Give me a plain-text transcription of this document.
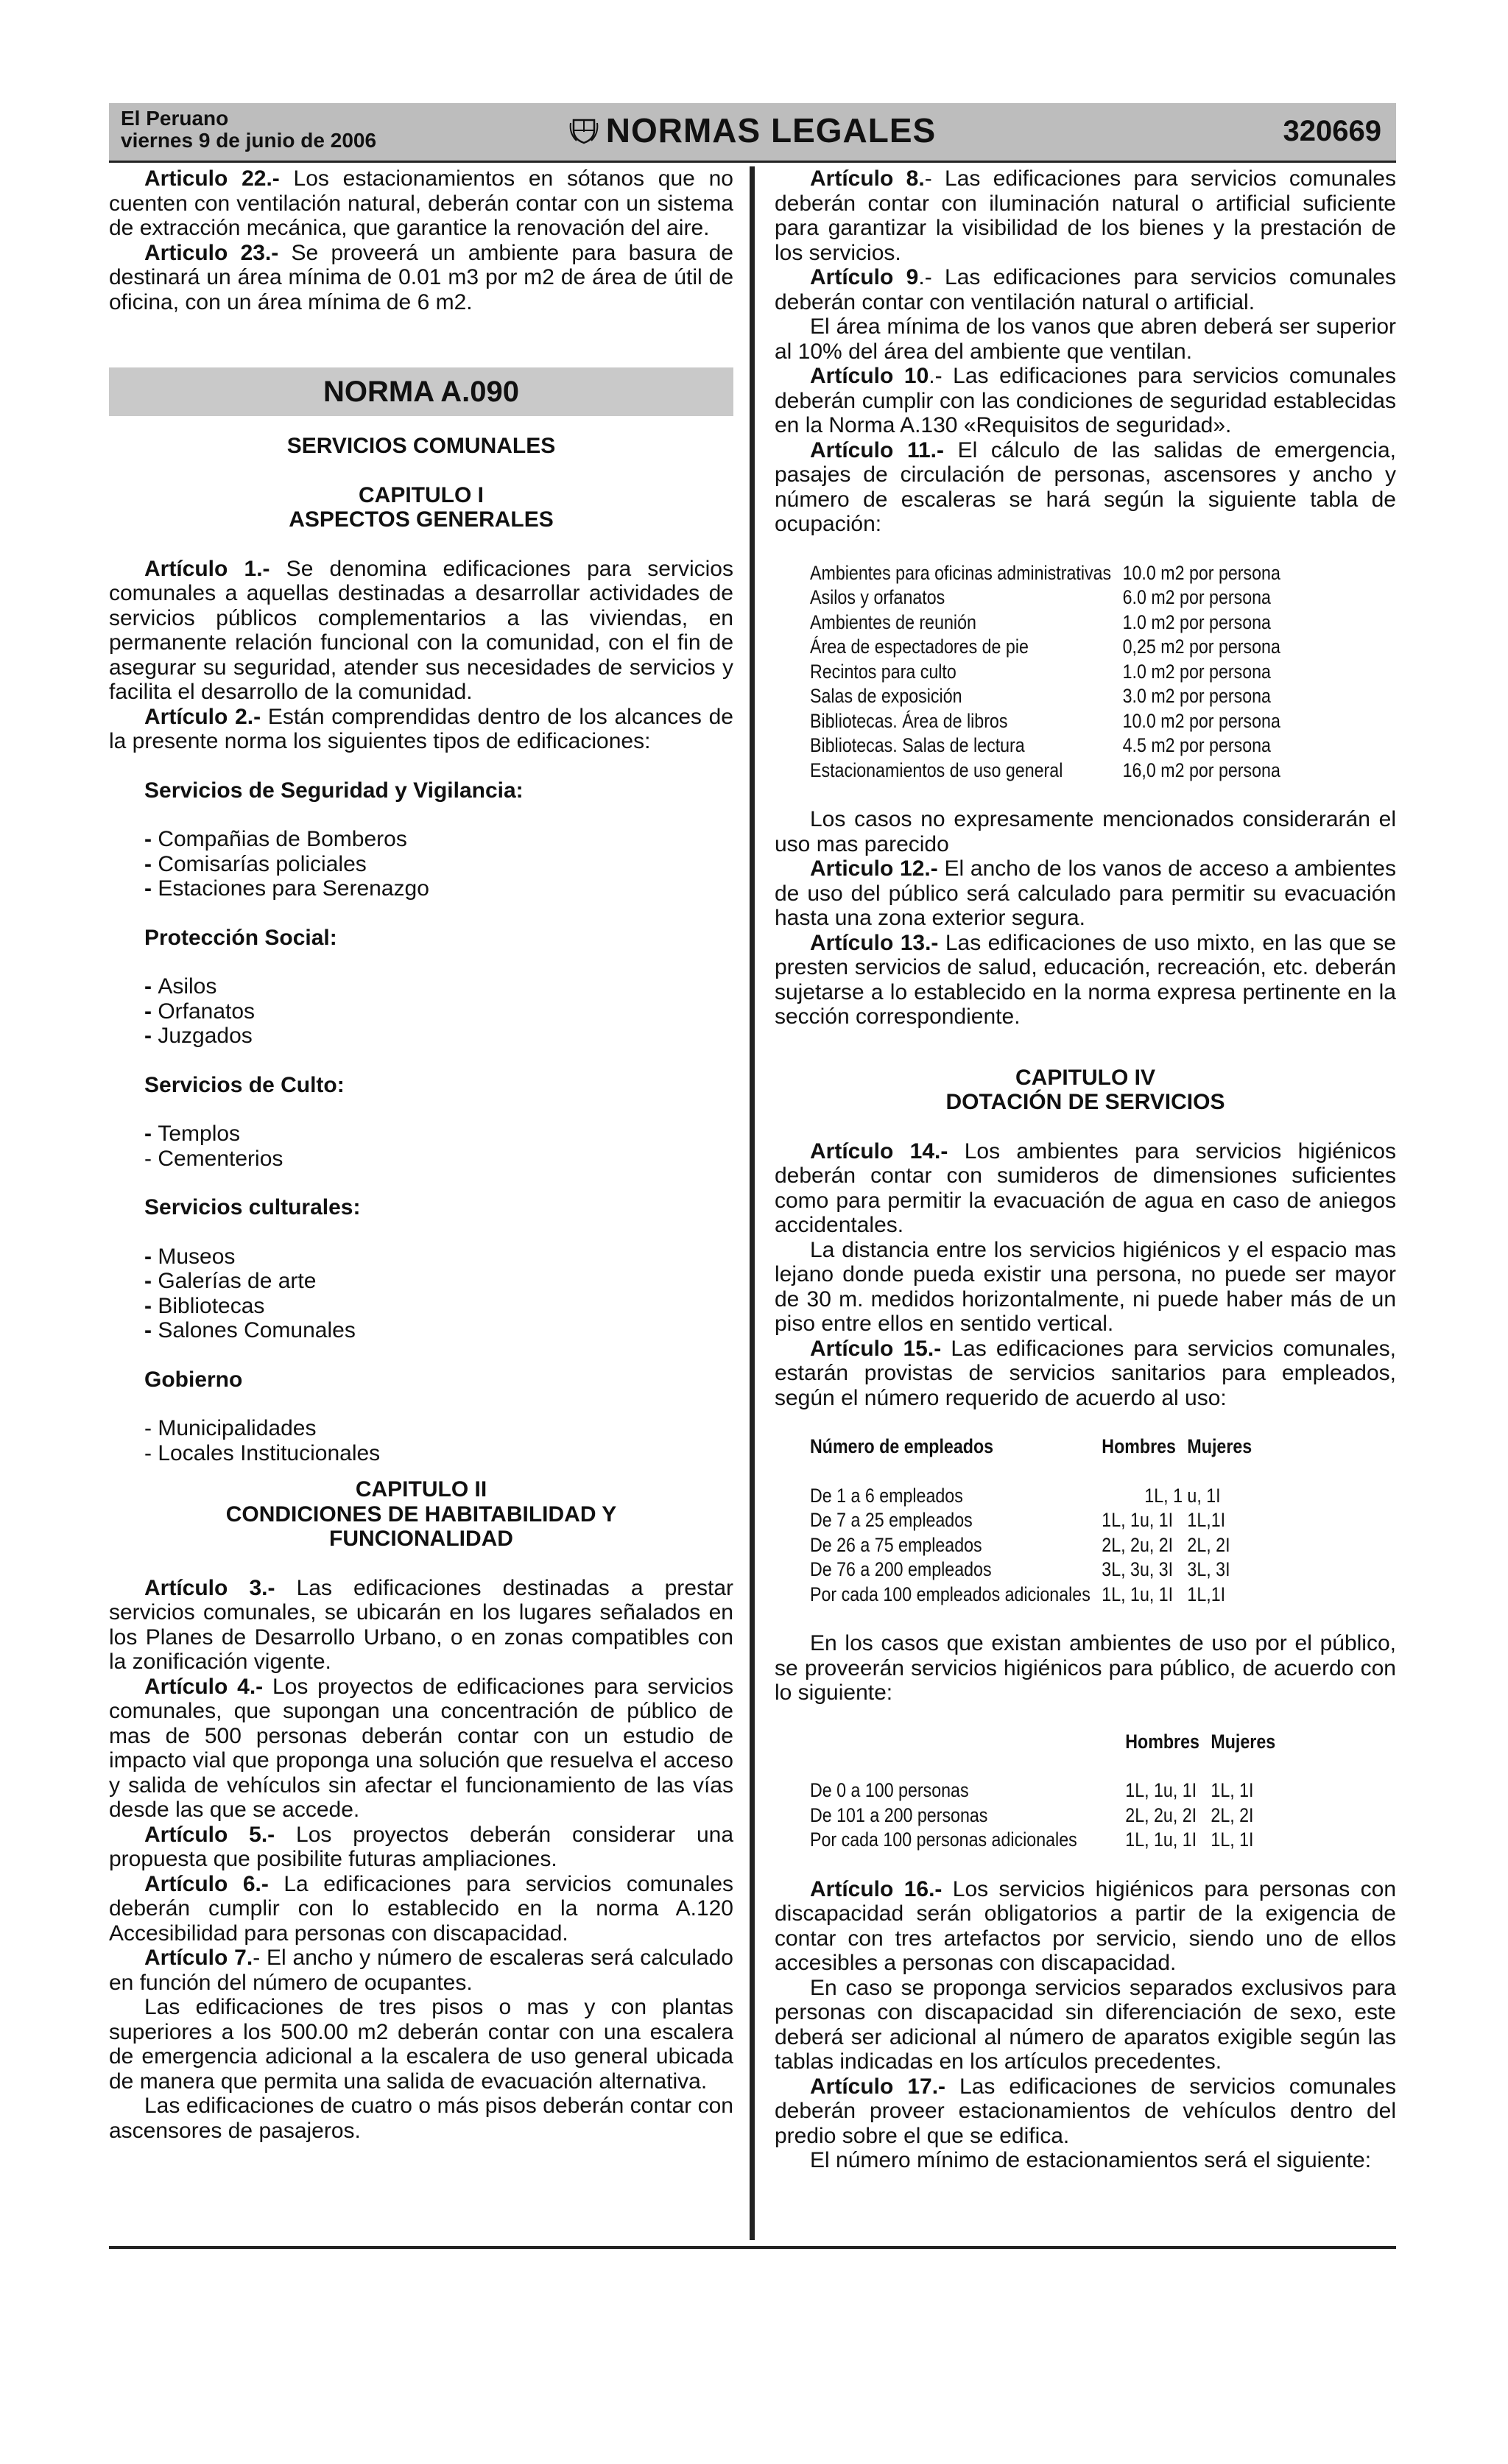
El Peruano
viernes 9 de junio de 2006	NORMAS LEGALES	320669

Articulo 22.- Los estacionamientos en sótanos que no cuenten con ventilación natural, deberán contar con un sistema de extracción mecánica, que garantice la renovación del aire.

Articulo 23.- Se proveerá un ambiente para basura de destinará un área mínima de 0.01 m3 por m2 de área de útil de oficina, con un área mínima de 6 m2.

NORMA A.090

SERVICIOS COMUNALES

CAPITULO I

ASPECTOS GENERALES

Artículo 1.- Se denomina edificaciones para servicios comunales a aquellas destinadas a desarrollar actividades de servicios públicos complementarios a las viviendas, en permanente relación funcional con la comunidad, con el fin de asegurar su seguridad, atender sus necesidades de servicios y facilita el desarrollo de la comunidad.

Artículo 2.- Están comprendidas dentro de los alcances de la presente norma los siguientes tipos de edificaciones:

Servicios de Seguridad y Vigilancia:

- Compañias de Bomberos

- Comisarías policiales

- Estaciones para Serenazgo

Protección Social:

- Asilos

- Orfanatos

- Juzgados

Servicios de Culto:

- Templos

- Cementerios

Servicios culturales:

- Museos

- Galerías de arte

- Bibliotecas

- Salones Comunales

Gobierno

- Municipalidades

- Locales Institucionales

CAPITULO II

CONDICIONES DE HABITABILIDAD Y

FUNCIONALIDAD

Artículo 3.- Las edificaciones destinadas a prestar servicios comunales, se ubicarán en los lugares señalados en los Planes de Desarrollo Urbano, o en zonas compatibles con la zonificación vigente.

Artículo 4.- Los proyectos de edificaciones para servicios comunales, que supongan una concentración de público de mas de 500 personas deberán contar con un estudio de impacto vial que proponga una solución que resuelva el acceso y salida de vehículos sin afectar el funcionamiento de las vías desde las que se accede.

Artículo 5.- Los proyectos deberán considerar una propuesta que posibilite futuras ampliaciones.

Artículo 6.- La edificaciones para servicios comunales deberán cumplir con lo establecido en la norma A.120 Accesibilidad para personas con discapacidad.

Artículo 7.- El ancho y número de escaleras será calculado en función del número de ocupantes.

Las edificaciones de tres pisos o mas y con plantas superiores a los 500.00 m2 deberán contar con una escalera de emergencia adicional a la escalera de uso general ubicada de manera que permita una salida de evacuación alternativa.

Las edificaciones de cuatro o más pisos deberán contar con ascensores de pasajeros.

Artículo 8.- Las edificaciones para servicios comunales deberán contar con iluminación natural o artificial suficiente para garantizar la visibilidad de los bienes y la prestación de los servicios.

Artículo 9.- Las edificaciones para servicios comunales deberán contar con ventilación natural o artificial.

El área mínima de los vanos que abren deberá ser superior al 10% del área del ambiente que ventilan.

Artículo 10.- Las edificaciones para servicios comunales deberán cumplir con las condiciones de seguridad establecidas en la Norma A.130 «Requisitos de seguridad».

Artículo 11.- El cálculo de las salidas de emergencia, pasajes de circulación de personas, ascensores y ancho y número de escaleras se hará según la siguiente tabla de ocupación:

Ambientes para oficinas administrativas	10.0 m2 por persona
Asilos y orfanatos	6.0 m2 por persona
Ambientes de reunión	1.0 m2 por persona
Área de espectadores de pie	0,25 m2 por persona
Recintos para culto	1.0 m2 por persona
Salas de exposición	3.0 m2 por persona
Bibliotecas. Área de libros	10.0 m2 por persona
Bibliotecas. Salas de lectura	4.5 m2 por persona
Estacionamientos de uso general	16,0 m2 por persona

Los casos no expresamente mencionados considerarán el uso mas parecido

Articulo 12.- El ancho de los vanos de acceso a ambientes de uso del público será calculado para permitir su evacuación hasta una zona exterior segura.

Artículo 13.- Las edificaciones de uso mixto, en las que se presten servicios de salud, educación, recreación, etc. deberán sujetarse a lo establecido en la norma expresa pertinente en la sección correspondiente.

CAPITULO IV

DOTACIÓN DE SERVICIOS

Artículo 14.- Los ambientes para servicios higiénicos deberán contar con sumideros de dimensiones suficientes como para permitir la evacuación de agua en caso de aniegos accidentales.

La distancia entre los servicios higiénicos y el espacio mas lejano donde pueda existir una persona, no puede ser mayor de 30 m. medidos horizontalmente, ni puede haber más de un piso entre ellos en sentido vertical.

Artículo 15.- Las edificaciones para servicios comunales, estarán provistas de servicios sanitarios para empleados, según el número requerido de acuerdo al uso:

Número de empleados	Hombres	Mujeres

De 1 a 6 empleados	1L, 1 u, 1I	
De 7 a 25 empleados	1L, 1u, 1I	1L,1I
De 26 a 75 empleados	2L, 2u, 2I	2L, 2I
De 76 a 200 empleados	3L, 3u, 3I	3L, 3I
Por cada 100 empleados adicionales	1L, 1u, 1I	1L,1I

En los casos que existan ambientes de uso por el público, se proveerán servicios higiénicos para público, de acuerdo con lo siguiente:

	Hombres	Mujeres

De 0 a 100 personas	1L, 1u, 1I	1L, 1I
De 101 a 200 personas	2L, 2u, 2I	2L, 2I
Por cada 100 personas adicionales	1L, 1u, 1I	1L, 1I

Artículo 16.- Los servicios higiénicos para personas con discapacidad serán obligatorios a partir de la exigencia de contar con tres artefactos por servicio, siendo uno de ellos accesibles a personas con discapacidad.

En caso se proponga servicios separados exclusivos para personas con discapacidad sin diferenciación de sexo, este deberá ser adicional al número de aparatos exigible según las tablas indicadas en los artículos precedentes.

Artículo 17.- Las edificaciones de servicios comunales deberán proveer estacionamientos de vehículos dentro del predio sobre el que se edifica.

El número mínimo de estacionamientos será el siguiente:
